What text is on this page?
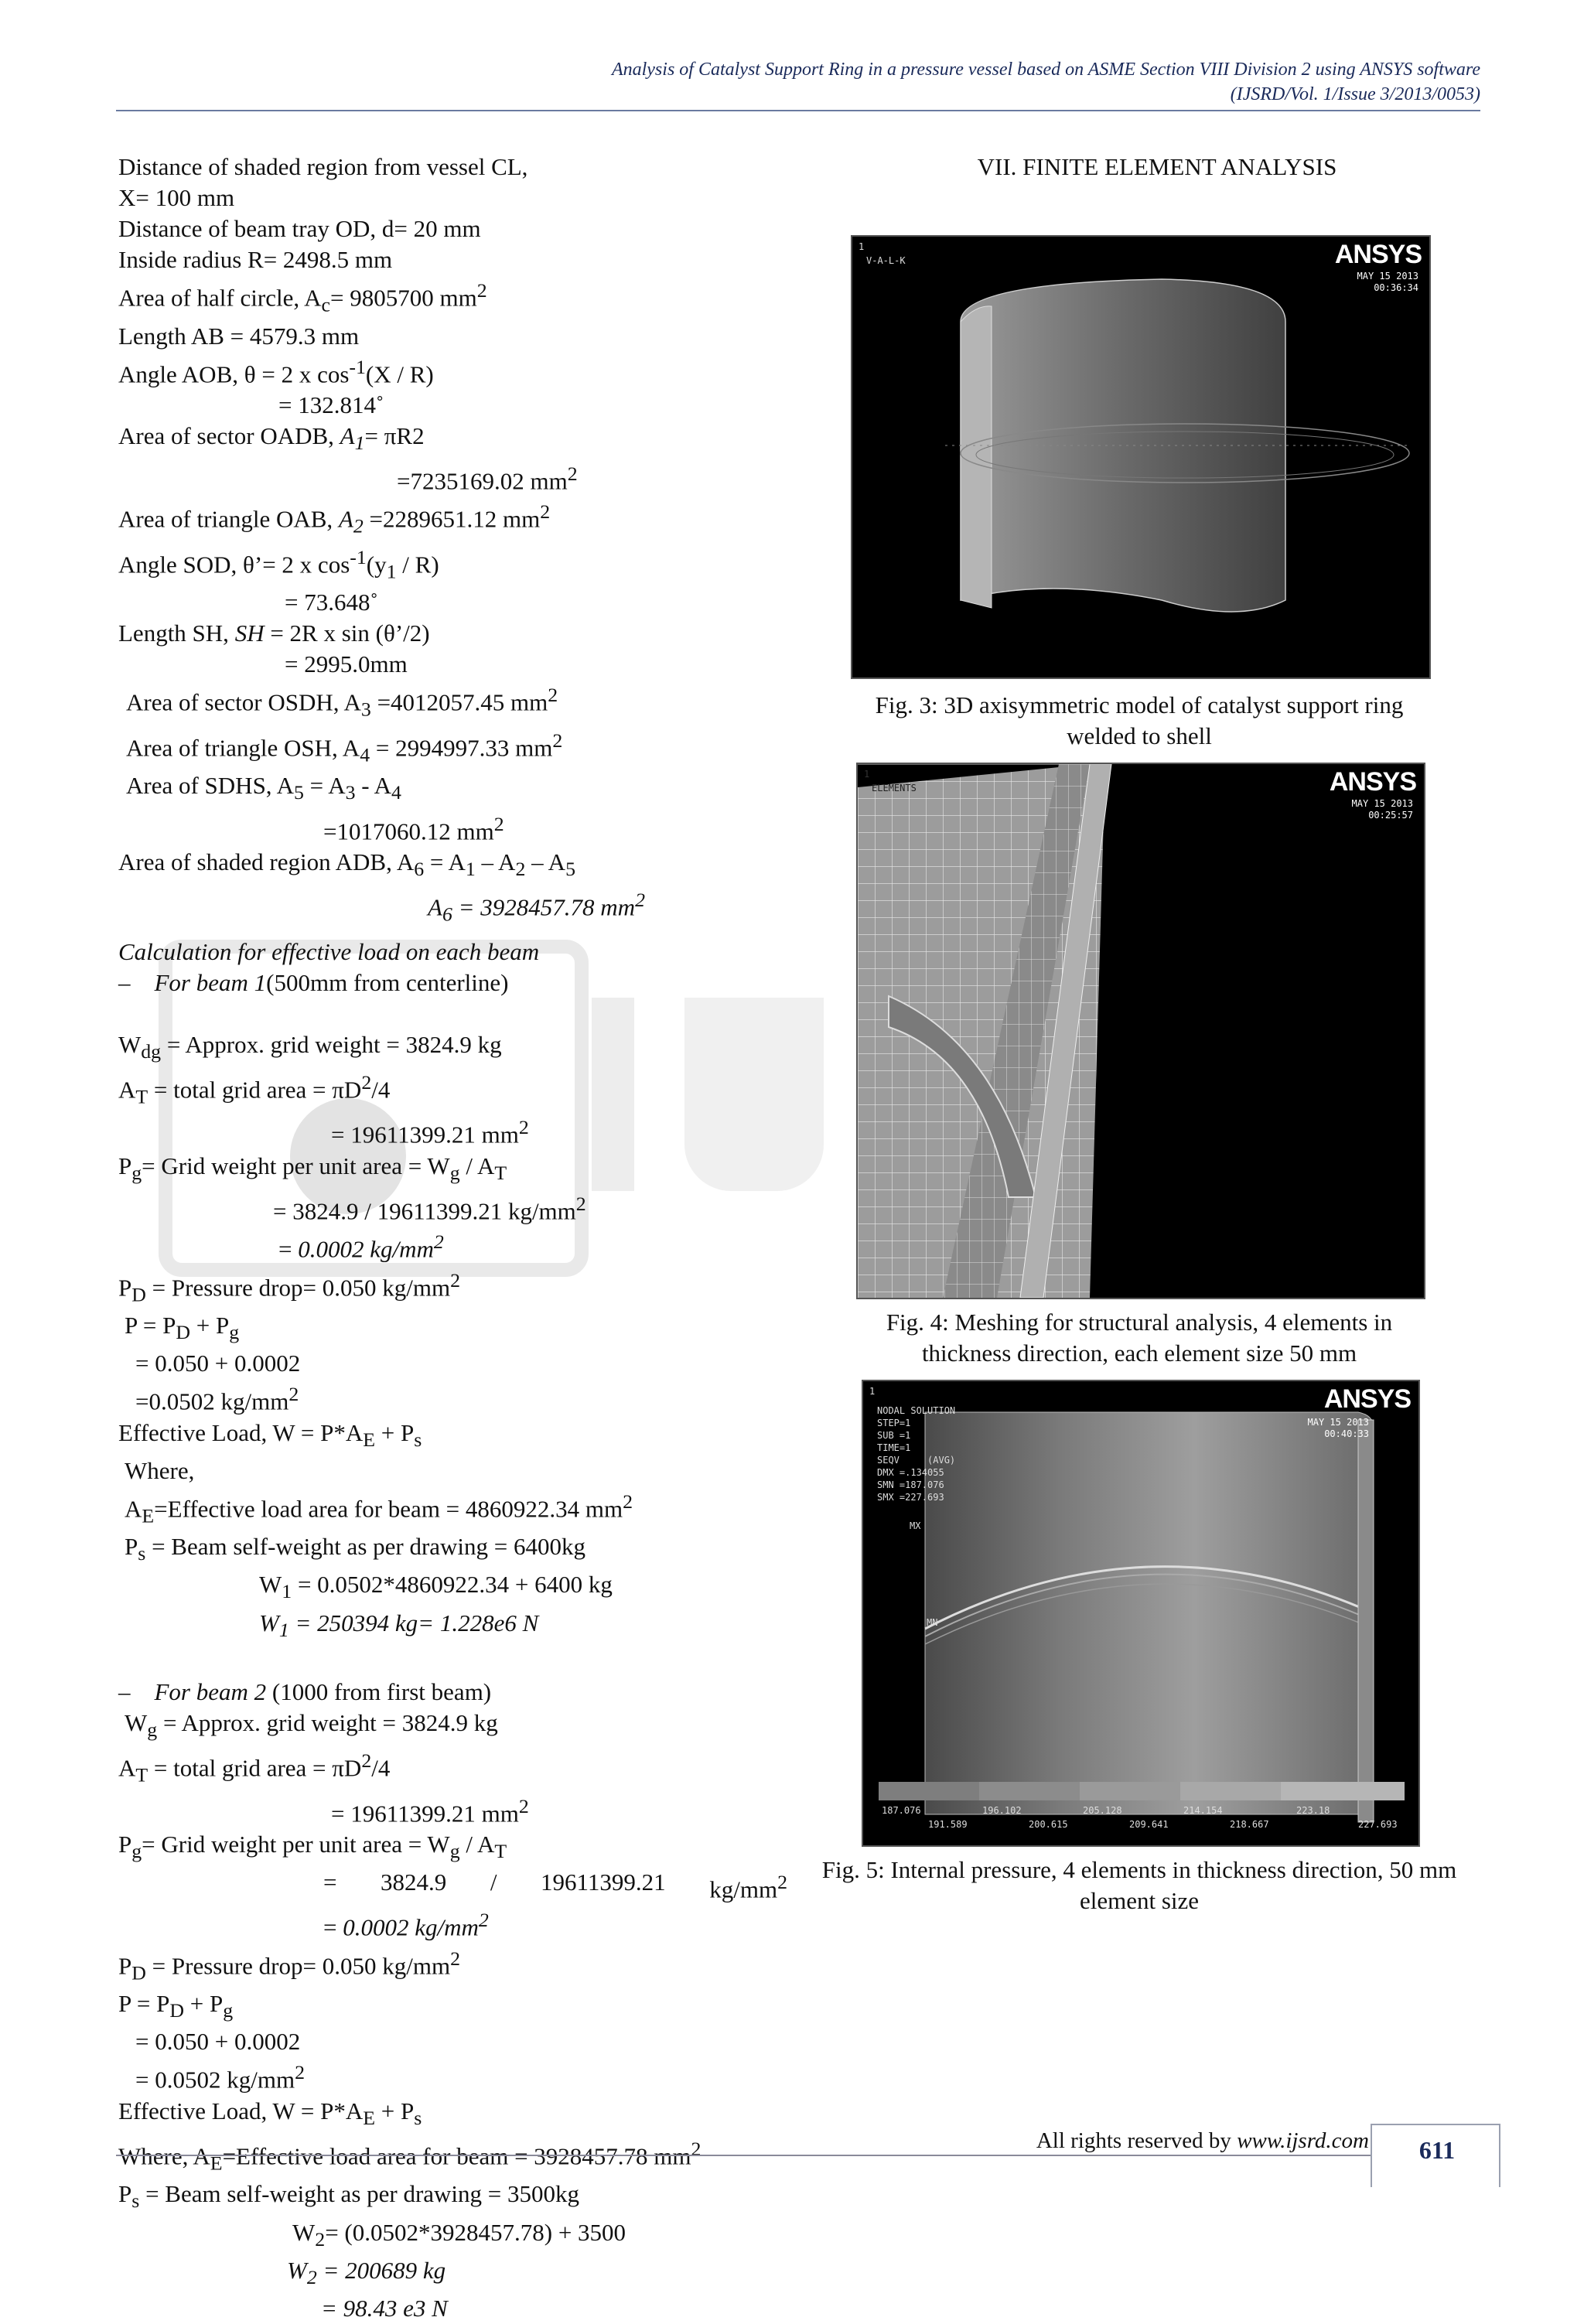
Analysis of Catalyst Support Ring in a pressure vessel based on ASME Section VIII Division 2 using ANSYS software
(IJSRD/Vol. 1/Issue 3/2013/0053)
Distance of shaded region from vessel CL,
X= 100 mm
Distance of beam tray OD, d= 20 mm
Inside radius R= 2498.5 mm
Area of half circle, $A_c= 9805700$ $mm^2$
Length AB = 4579.3 mm
Angle AOB, θ = 2 x $\cos^{-1}(X / R)$
= 132.814˚
Area of sector OADB, $A_1= \pi R2$
=7235169.02 $mm^2$
Area of triangle OAB, $A_2 =2289651.12$ $mm^2$
Angle SOD, θ’= 2 x $\cos^{-1}(y_1 / R)$
= 73.648˚
Length SH, SH = 2R x sin (θ’/2)
= 2995.0mm
Area of sector OSDH, $A_3 =4012057.45$ $mm^2$
Area of triangle OSH, $A_4 = 2994997.33$ $mm^2$
Area of SDHS, $A_5 = A_3 - A_4$
=1017060.12 $mm^2$
Area of shaded region ADB, $A_6 = A_1 - A_2 - A_5$
$A_6 = 3928457.78$ $mm^2$
Calculation for effective load on each beam
– For beam 1(500mm from centerline)
$W_{dg}$ = Approx. grid weight = 3824.9 kg
$A_T$ = total grid area = $\pi D^2/4$
= 19611399.21 $mm^2$
$P_g=$ Grid weight per unit area = $W_g / A_T$
= 3824.9 / 19611399.21 $kg/mm^2$
= 0.0002 $kg/mm^2$
$P_D$ = Pressure drop= 0.050 $kg/mm^2$
$P = P_D + P_g$
= 0.050 + 0.0002
=0.0502 $kg/mm^2$
Effective Load, $W = P*A_E + P_s$
Where,
$A_E=Effective$ load area for beam = 4860922.34 $mm^2$
$P_s$ = Beam self-weight as per drawing = 6400kg
$W_1 = 0.0502*4860922.34 + 6400$ kg
$W_1 = 250394$ kg= 1.228e6 N
– For beam 2 (1000 from first beam)
$W_g$ = Approx. grid weight = 3824.9 kg
$A_T$ = total grid area = $\pi D^2/4$
= 19611399.21 $mm^2$
$P_g=$ Grid weight per unit area = $W_g / A_T$
= 3824.9 / 19611399.21 $kg/mm^2$
= 0.0002 $kg/mm^2$
$P_D$ = Pressure drop= 0.050 $kg/mm^2$
$P = P_D + P_g$
= 0.050 + 0.0002
= 0.0502 $kg/mm^2$
Effective Load, $W = P*A_E + P_s$
Where, $A_E=Effective$ load area for beam = 3928457.78 $mm^2$
$P_s$ = Beam self-weight as per drawing = 3500kg
$W_2= (0.0502*3928457.78) + 3500$
$W_2 = 200689$ kg
= 98.43 e3 N
VII. FINITE ELEMENT ANALYSIS
1
V-A-L-K	ANSYS
MAY 15 2013
00:36:34
Fig. 3: 3D axisymmetric model of catalyst support ring welded to shell
1
ELEMENTS	ANSYS
MAY 15 2013
00:25:57
Fig. 4: Meshing for structural analysis, 4 elements in thickness direction, each element size 50 mm
1
NODAL SOLUTION
STEP=1
SUB =1
TIME=1
SEQV     (AVG)
DMX =.134055
SMN =187.076
SMX =227.693
MX
MN
ANSYS
MAY 15 2013
00:40:33
187.076	196.102	205.128	214.154	223.18
191.589	200.615	209.641	218.667	227.693
Fig. 5: Internal pressure, 4 elements in thickness direction, 50 mm element size
All rights reserved by www.ijsrd.com	611
